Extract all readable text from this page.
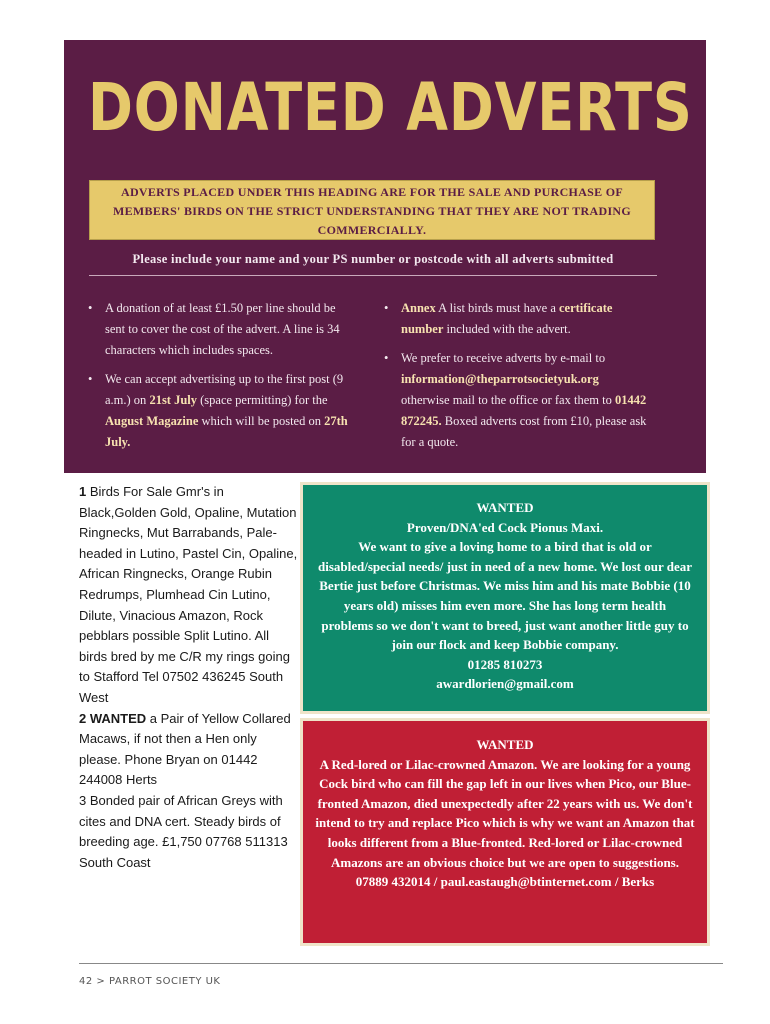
DONATED ADVERTS
ADVERTS PLACED UNDER THIS HEADING ARE FOR THE SALE AND PURCHASE OF MEMBERS' BIRDS ON THE STRICT UNDERSTANDING THAT THEY ARE NOT TRADING COMMERCIALLY.
Please include your name and your PS number or postcode with all adverts submitted
• A donation of at least £1.50 per line should be sent to cover the cost of the advert. A line is 34 characters which includes spaces.
• We can accept advertising up to the first post (9 a.m.) on 21st July (space permitting) for the August Magazine which will be posted on 27th July.
• Annex A list birds must have a certificate number included with the advert.
• We prefer to receive adverts by e-mail to information@theparrotsocietyuk.org otherwise mail to the office or fax them to 01442 872245. Boxed adverts cost from £10, please ask for a quote.

1 Birds For Sale Gmr's in Black,Golden Gold, Opaline, Mutation Ringnecks, Mut Barrabands, Pale-headed in Lutino, Pastel Cin, Opaline, African Ringnecks, Orange Rubin Redrumps, Plumhead Cin Lutino, Dilute, Vinacious Amazon, Rock pebblars possible Split Lutino. All birds bred by me C/R my rings going to Stafford Tel 07502 436245 South West

2 WANTED a Pair of Yellow Collared Macaws, if not then a Hen only please. Phone Bryan on 01442 244008 Herts

3 Bonded pair of African Greys with cites and DNA cert. Steady birds of breeding age. £1,750 07768 511313 South Coast

WANTED

Proven/DNA'ed Cock Pionus Maxi.

We want to give a loving home to a bird that is old or disabled/special needs/ just in need of a new home. We lost our dear Bertie just before Christmas. We miss him and his mate Bobbie (10 years old) misses him even more. She has long term health problems so we don't want to breed, just want another little guy to join our flock and keep Bobbie company.

01285 810273

awardlorien@gmail.com

WANTED

A Red-lored or Lilac-crowned Amazon. We are looking for a young Cock bird who can fill the gap left in our lives when Pico, our Blue-fronted Amazon, died unexpectedly after 22 years with us. We don't intend to try and replace Pico which is why we want an Amazon that looks different from a Blue-fronted. Red-lored or Lilac-crowned Amazons are an obvious choice but we are open to suggestions.

07889 432014 / paul.eastaugh@btinternet.com / Berks

42 > PARROT SOCIETY UK
